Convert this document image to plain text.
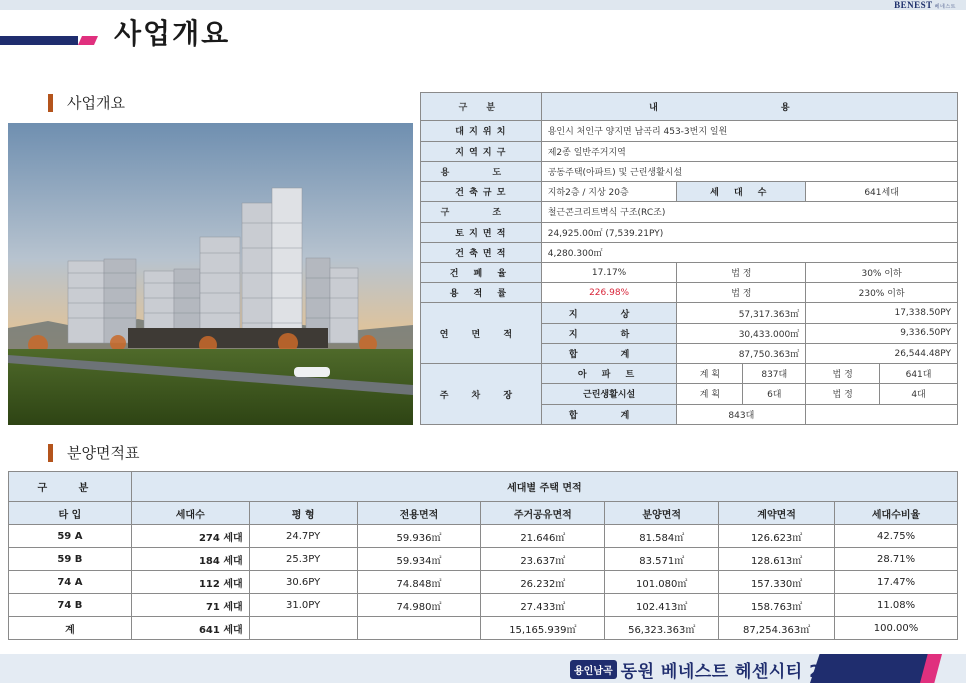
BENEST 베네스트
사업개요
사업개요	구 분	내 용				
대 지 위 치	용인시 처인구 양지면 남곡리 453-3번지 일원				
지 역 지 구	제2종 일반주거지역				
용 도	공동주택(아파트) 및 근린생활시설				
건 축 규 모	지하2층 / 지상 20층	세 대 수		641세대	
구 조	철근콘크리트벽식 구조(RC조)				
토 지 면 적	24,925.00㎡ (7,539.21PY)				
건 축 면 적	4,280.300㎡				
건 폐 율	17.17%	법 정		30% 이하	
용 적 률	226.98%	법 정		230% 이하	
연 면 적	지 상	57,317.363㎡		17,338.50PY	
	지 하	30,433.000㎡		9,336.50PY	
	합 계	87,750.363㎡		26,544.48PY	
주 차 장	아 파 트	계 획	837대	법 정	641대
	근린생활시설	계 획	6대	법 정	4대
	합 계	843대			
분양면적표
구 분	세대별 주택 면적						
타 입	세대수	평 형	전용면적	주거공유면적	분양면적	계약면적	세대수비율
59 A	274 세대	24.7PY	59.936㎡	21.646㎡	81.584㎡	126.623㎡	42.75%
59 B	184 세대	25.3PY	59.934㎡	23.637㎡	83.571㎡	128.613㎡	28.71%
74 A	112 세대	30.6PY	74.848㎡	26.232㎡	101.080㎡	157.330㎡	17.47%
74 B	71 세대	31.0PY	74.980㎡	27.433㎡	102.413㎡	158.763㎡	11.08%
계	641 세대			15,165.939㎡	56,323.363㎡	87,254.363㎡	100.00%
용인남곡 동원 베네스트 헤센시티 2
